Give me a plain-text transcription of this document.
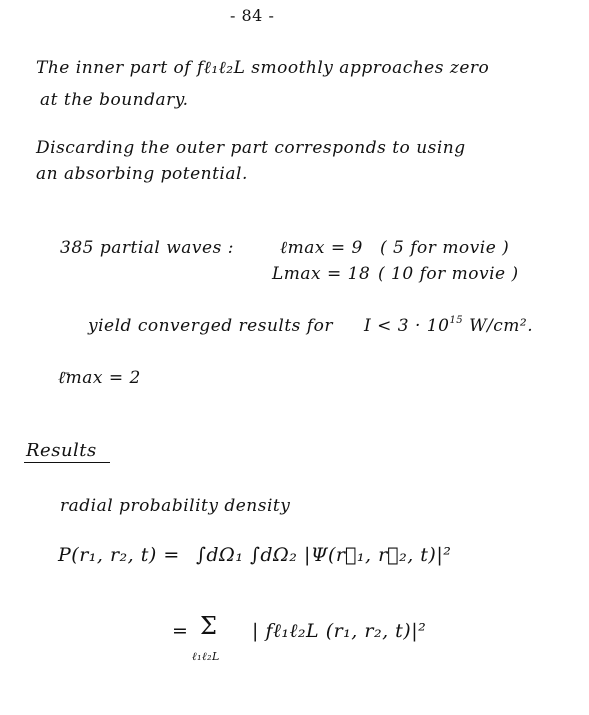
- 84 -
The inner part of fℓ₁ℓ₂L smoothly approaches zero
at the boundary.
Discarding the outer part corresponds to using
an absorbing potential.
385 partial waves :	ℓmax = 9 ( 5 for movie )
Lmax = 18 ( 10 for movie )
yield converged results for $I < 3 \cdot 10^{15}$ W/cm².
ℓ̄max = 2
Results
radial probability density
P(r₁, r₂, t) = ∫dΩ₁ ∫dΩ₂ |Ψ(r⃗₁, r⃗₂, t)|²
= Σ
ℓ₁ℓ₂L
| fℓ₁ℓ₂L (r₁, r₂, t)|²
